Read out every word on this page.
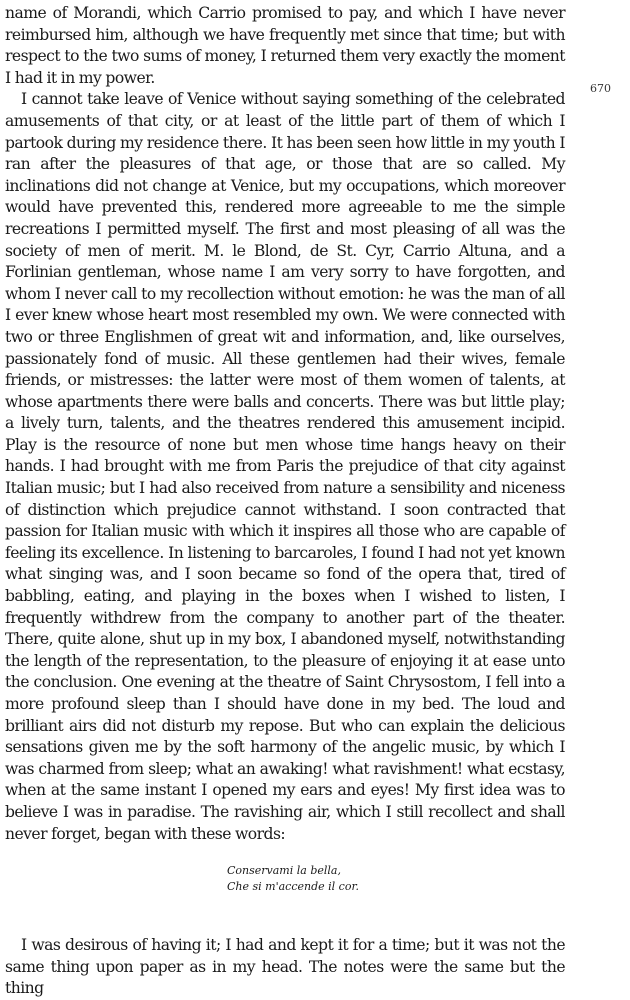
670

name of Morandi, which Carrio promised to pay, and which I have never reimbursed him, although we have frequently met since that time; but with respect to the two sums of money, I returned them very exactly the moment I had it in my power.

I cannot take leave of Venice without saying something of the celebrated amusements of that city, or at least of the little part of them of which I partook during my residence there. It has been seen how little in my youth I ran after the pleasures of that age, or those that are so called. My inclinations did not change at Venice, but my occupations, which moreover would have prevented this, rendered more agreeable to me the simple recreations I permitted myself. The first and most pleasing of all was the society of men of merit. M. le Blond, de St. Cyr, Carrio Altuna, and a Forlinian gentleman, whose name I am very sorry to have forgotten, and whom I never call to my recollection without emotion: he was the man of all I ever knew whose heart most resembled my own. We were connected with two or three Englishmen of great wit and information, and, like ourselves, passionately fond of music. All these gentlemen had their wives, female friends, or mistresses: the latter were most of them women of talents, at whose apartments there were balls and concerts. There was but little play; a lively turn, talents, and the theatres rendered this amusement incipid. Play is the resource of none but men whose time hangs heavy on their hands. I had brought with me from Paris the prejudice of that city against Italian music; but I had also received from nature a sensibility and niceness of distinction which prejudice cannot withstand. I soon contracted that passion for Italian music with which it inspires all those who are capable of feeling its excellence. In listening to barcaroles, I found I had not yet known what singing was, and I soon became so fond of the opera that, tired of babbling, eating, and playing in the boxes when I wished to listen, I frequently withdrew from the company to another part of the theater. There, quite alone, shut up in my box, I abandoned myself, notwithstanding the length of the representation, to the pleasure of enjoying it at ease unto the conclusion. One evening at the theatre of Saint Chrysostom, I fell into a more profound sleep than I should have done in my bed. The loud and brilliant airs did not disturb my repose. But who can explain the delicious sensations given me by the soft harmony of the angelic music, by which I was charmed from sleep; what an awaking! what ravishment! what ecstasy, when at the same instant I opened my ears and eyes! My first idea was to believe I was in paradise. The ravishing air, which I still recollect and shall never forget, began with these words:

Conservami la bella,
Che si m'accende il cor.

I was desirous of having it; I had and kept it for a time; but it was not the same thing upon paper as in my head. The notes were the same but the thing
